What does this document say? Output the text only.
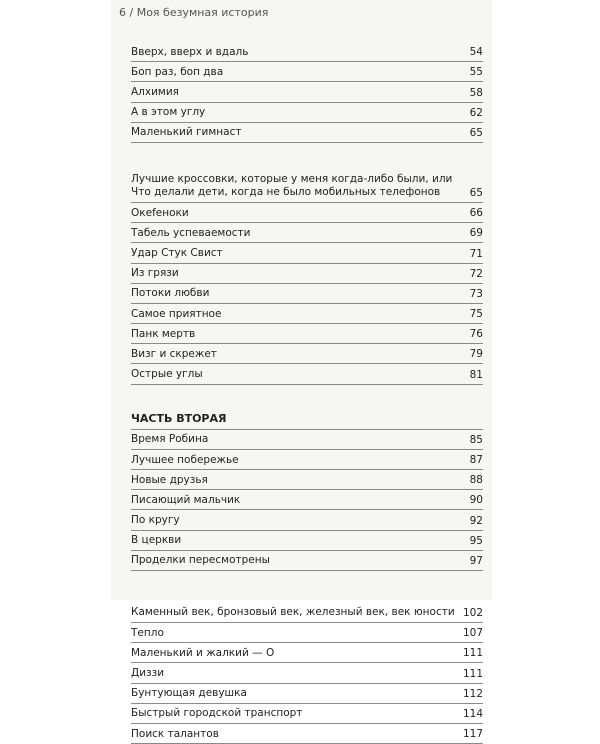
6 / Моя безумная история
Вверх, вверх и вдаль	54
Боп раз, боп два	55
Алхимия	58
А в этом углу	62
Маленький гимнаст	65
Лучшие кроссовки, которые у меня когда-либо были, или Что делали дети, когда не было мобильных телефонов	65
Океfеноки	66
Табель успеваемости	69
Удар Стук Свист	71
Из грязи	72
Потоки любви	73
Самое приятное	75
Панк мертв	76
Визг и скрежет	79
Острые углы	81
ЧАСТЬ ВТОРАЯ
Время Робина	85
Лучшее побережье	87
Новые друзья	88
Писающий мальчик	90
По кругу	92
В церкви	95
Проделки пересмотрены	97
Каменный век, бронзовый век, железный век, век юности 102
Тепло	107
Маленький и жалкий — О	111
Диззи	111
Бунтующая девушка	112
Быстрый городской транспорт	114
Поиск талантов	117
